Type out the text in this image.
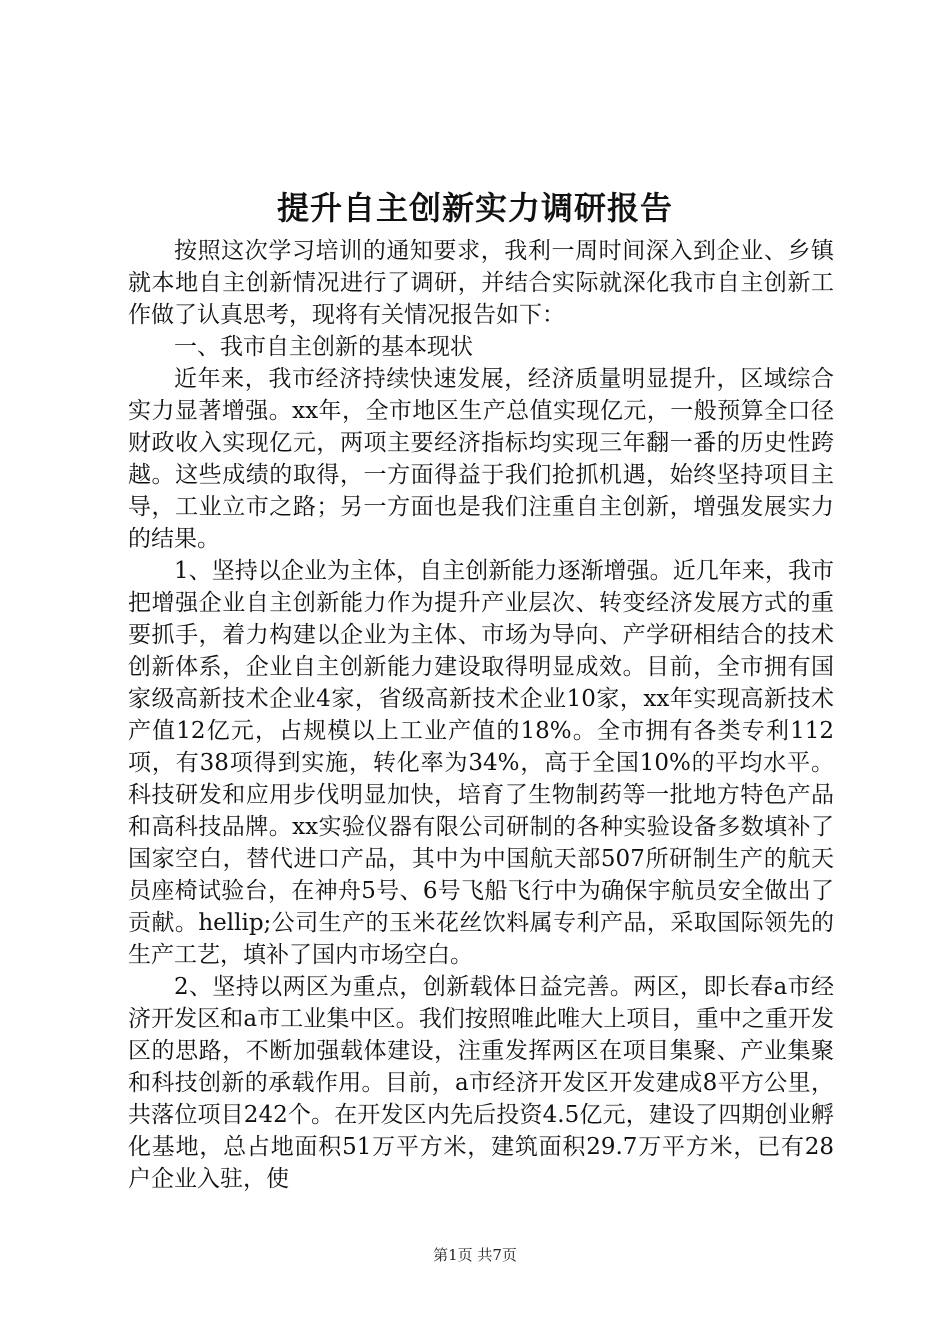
提升自主创新实力调研报告

按照这次学习培训的通知要求，我利一周时间深入到企业、乡镇就本地自主创新情况进行了调研，并结合实际就深化我市自主创新工作做了认真思考，现将有关情况报告如下：

一、我市自主创新的基本现状

近年来，我市经济持续快速发展，经济质量明显提升，区域综合实力显著增强。xx年，全市地区生产总值实现亿元，一般预算全口径财政收入实现亿元，两项主要经济指标均实现三年翻一番的历史性跨越。这些成绩的取得，一方面得益于我们抢抓机遇，始终坚持项目主导，工业立市之路；另一方面也是我们注重自主创新，增强发展实力的结果。

1、坚持以企业为主体，自主创新能力逐渐增强。近几年来，我市把增强企业自主创新能力作为提升产业层次、转变经济发展方式的重要抓手，着力构建以企业为主体、市场为导向、产学研相结合的技术创新体系，企业自主创新能力建设取得明显成效。目前，全市拥有国家级高新技术企业4家，省级高新技术企业10家，xx年实现高新技术产值12亿元，占规模以上工业产值的18%。全市拥有各类专利112项，有38项得到实施，转化率为34%，高于全国10%的平均水平。科技研发和应用步伐明显加快，培育了生物制药等一批地方特色产品和高科技品牌。xx实验仪器有限公司研制的各种实验设备多数填补了国家空白，替代进口产品，其中为中国航天部507所研制生产的航天员座椅试验台，在神舟5号、6号飞船飞行中为确保宇航员安全做出了贡献。hellip;公司生产的玉米花丝饮料属专利产品，采取国际领先的生产工艺，填补了国内市场空白。

2、坚持以两区为重点，创新载体日益完善。两区，即长春a市经济开发区和a市工业集中区。我们按照唯此唯大上项目，重中之重开发区的思路，不断加强载体建设，注重发挥两区在项目集聚、产业集聚和科技创新的承载作用。目前，a市经济开发区开发建成8平方公里，共落位项目242个。在开发区内先后投资4.5亿元，建设了四期创业孵化基地，总占地面积51万平方米，建筑面积29.7万平方米，已有28户企业入驻，使

第1页 共7页
